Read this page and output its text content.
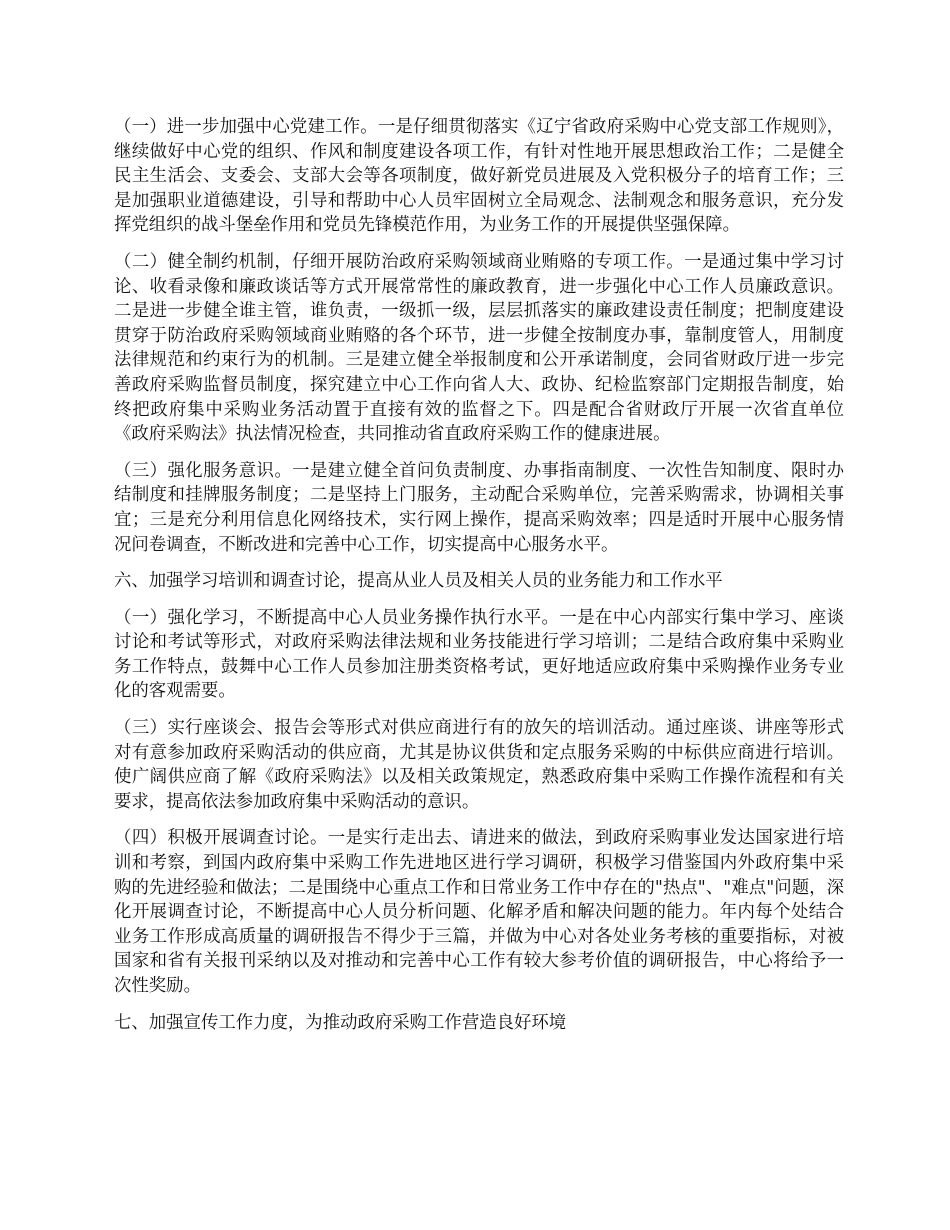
（一）进一步加强中心党建工作。一是仔细贯彻落实《辽宁省政府采购中心党支部工作规则》，继续做好中心党的组织、作风和制度建设各项工作，有针对性地开展思想政治工作；二是健全民主生活会、支委会、支部大会等各项制度，做好新党员进展及入党积极分子的培育工作；三是加强职业道德建设，引导和帮助中心人员牢固树立全局观念、法制观念和服务意识，充分发挥党组织的战斗堡垒作用和党员先锋模范作用，为业务工作的开展提供坚强保障。

（二）健全制约机制，仔细开展防治政府采购领域商业贿赂的专项工作。一是通过集中学习讨论、收看录像和廉政谈话等方式开展常常性的廉政教育，进一步强化中心工作人员廉政意识。二是进一步健全谁主管，谁负责，一级抓一级，层层抓落实的廉政建设责任制度；把制度建设贯穿于防治政府采购领域商业贿赂的各个环节，进一步健全按制度办事，靠制度管人，用制度法律规范和约束行为的机制。三是建立健全举报制度和公开承诺制度，会同省财政厅进一步完善政府采购监督员制度，探究建立中心工作向省人大、政协、纪检监察部门定期报告制度，始终把政府集中采购业务活动置于直接有效的监督之下。四是配合省财政厅开展一次省直单位《政府采购法》执法情况检查，共同推动省直政府采购工作的健康进展。

（三）强化服务意识。一是建立健全首问负责制度、办事指南制度、一次性告知制度、限时办结制度和挂牌服务制度；二是坚持上门服务，主动配合采购单位，完善采购需求，协调相关事宜；三是充分利用信息化网络技术，实行网上操作，提高采购效率；四是适时开展中心服务情况问卷调查，不断改进和完善中心工作，切实提高中心服务水平。

六、加强学习培训和调查讨论，提高从业人员及相关人员的业务能力和工作水平

（一）强化学习，不断提高中心人员业务操作执行水平。一是在中心内部实行集中学习、座谈讨论和考试等形式，对政府采购法律法规和业务技能进行学习培训；二是结合政府集中采购业务工作特点，鼓舞中心工作人员参加注册类资格考试，更好地适应政府集中采购操作业务专业化的客观需要。

（三）实行座谈会、报告会等形式对供应商进行有的放矢的培训活动。通过座谈、讲座等形式对有意参加政府采购活动的供应商，尤其是协议供货和定点服务采购的中标供应商进行培训。使广阔供应商了解《政府采购法》以及相关政策规定，熟悉政府集中采购工作操作流程和有关要求，提高依法参加政府集中采购活动的意识。

（四）积极开展调查讨论。一是实行走出去、请进来的做法，到政府采购事业发达国家进行培训和考察，到国内政府集中采购工作先进地区进行学习调研，积极学习借鉴国内外政府集中采购的先进经验和做法；二是围绕中心重点工作和日常业务工作中存在的"热点"、"难点"问题，深化开展调查讨论，不断提高中心人员分析问题、化解矛盾和解决问题的能力。年内每个处结合业务工作形成高质量的调研报告不得少于三篇，并做为中心对各处业务考核的重要指标，对被国家和省有关报刊采纳以及对推动和完善中心工作有较大参考价值的调研报告，中心将给予一次性奖励。

七、加强宣传工作力度，为推动政府采购工作营造良好环境
